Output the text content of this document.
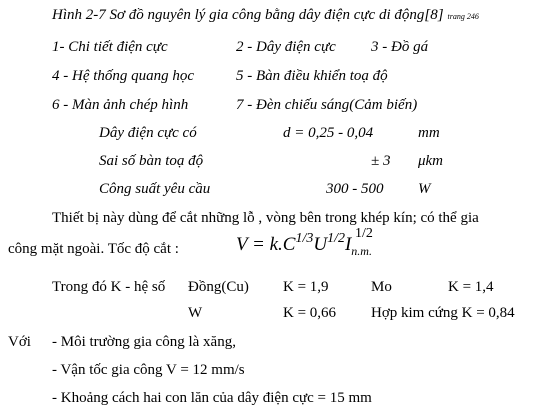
Hình 2-7 Sơ đồ nguyên lý gia công bằng dây điện cực di động[8] trang 246
1- Chi tiết điện cực	2 - Dây điện cực 3 - Đồ gá
4 - Hệ thống quang học	5 - Bàn điều khiển toạ độ
6 - Màn ảnh chép hình	7 - Đèn chiếu sáng(Cảm biến)
Dây điện cực có	d = 0,25 - 0,04	mm
Sai số bàn toạ độ	± 3 μkm
Công suất yêu cầu	300 - 500 W
Thiết bị này dùng để cắt những lỗ , vòng bên trong khép kín; có thể gia
công mặt ngoài. Tốc độ cắt :	$V = k.C^{1/3}U^{1/2}I$
1/2
$_{n.m.}$
Trong đó K - hệ số Đồng(Cu) K = 1,9	Mo	K = 1,4
W	K = 0,66 Hợp kim cứng K = 0,84
Với - Môi trường gia công là xăng,
- Vận tốc gia công V = 12 mm/s
- Khoảng cách hai con lăn của dây điện cực = 15 mm
